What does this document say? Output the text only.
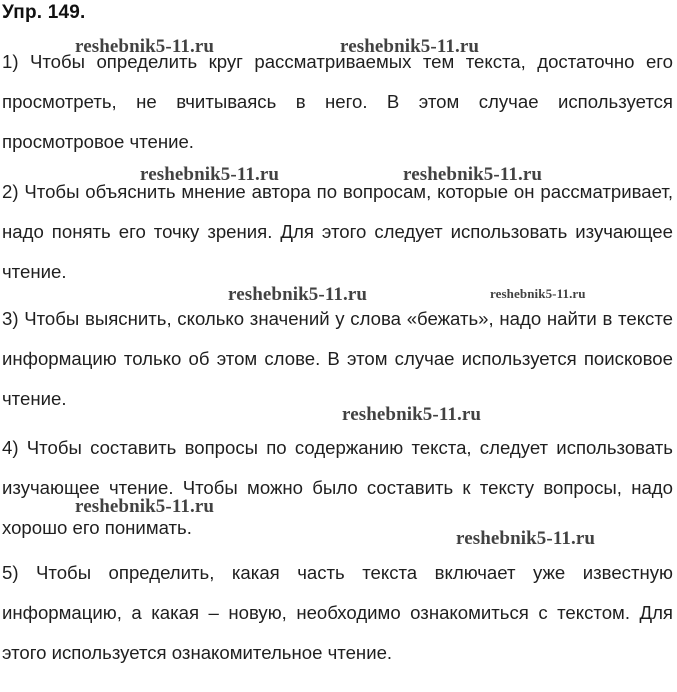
Упр. 149.

1) Чтобы определить круг рассматриваемых тем текста, достаточно его просмотреть, не вчитываясь в него. В этом случае используется просмотровое чтение.

2) Чтобы объяснить мнение автора по вопросам, которые он рассматривает, надо понять его точку зрения. Для этого следует использовать изучающее чтение.

3) Чтобы выяснить, сколько значений у слова «бежать», надо найти в тексте информацию только об этом слове. В этом случае используется поисковое чтение.

4) Чтобы составить вопросы по содержанию текста, следует использовать изучающее чтение. Чтобы можно было составить к тексту вопросы, надо хорошо его понимать.

5) Чтобы определить, какая часть текста включает уже известную информацию, а какая – новую, необходимо ознакомиться с текстом. Для этого используется ознакомительное чтение.

reshebnik5-11.ru	reshebnik5-11.ru
reshebnik5-11.ru	reshebnik5-11.ru
reshebnik5-11.ru	reshebnik5-11.ru
reshebnik5-11.ru
reshebnik5-11.ru
reshebnik5-11.ru
